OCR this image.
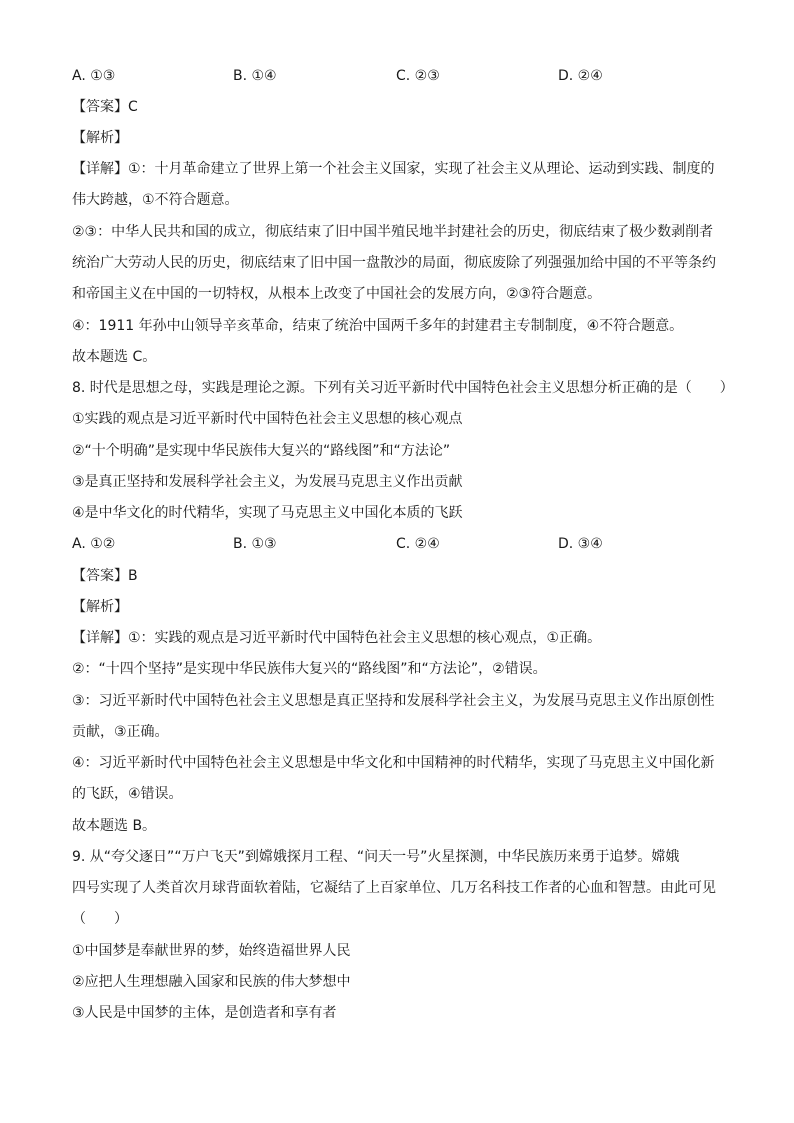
A. ①③	B. ①④	C. ②③	D. ②④
【答案】C
【解析】
【详解】①：十月革命建立了世界上第一个社会主义国家，实现了社会主义从理论、运动到实践、制度的
伟大跨越，①不符合题意。
②③：中华人民共和国的成立，彻底结束了旧中国半殖民地半封建社会的历史，彻底结束了极少数剥削者
统治广大劳动人民的历史，彻底结束了旧中国一盘散沙的局面，彻底废除了列强强加给中国的不平等条约
和帝国主义在中国的一切特权，从根本上改变了中国社会的发展方向，②③符合题意。
④：1911 年孙中山领导辛亥革命，结束了统治中国两千多年的封建君主专制制度，④不符合题意。
故本题选 C。
8. 时代是思想之母，实践是理论之源。下列有关习近平新时代中国特色社会主义思想分析正确的是（　　）
①实践的观点是习近平新时代中国特色社会主义思想的核心观点
②“十个明确”是实现中华民族伟大复兴的“路线图”和“方法论”
③是真正坚持和发展科学社会主义，为发展马克思主义作出贡献
④是中华文化的时代精华，实现了马克思主义中国化本质的飞跃
A. ①②	B. ①③	C. ②④	D. ③④
【答案】B
【解析】
【详解】①：实践的观点是习近平新时代中国特色社会主义思想的核心观点，①正确。
②：“十四个坚持”是实现中华民族伟大复兴的“路线图”和“方法论”，②错误。
③：习近平新时代中国特色社会主义思想是真正坚持和发展科学社会主义，为发展马克思主义作出原创性
贡献，③正确。
④：习近平新时代中国特色社会主义思想是中华文化和中国精神的时代精华，实现了马克思主义中国化新
的飞跃，④错误。
故本题选 B。
9. 从“夸父逐日”“万户飞天”到嫦娥探月工程、“问天一号”火星探测，中华民族历来勇于追梦。嫦娥
四号实现了人类首次月球背面软着陆，它凝结了上百家单位、几万名科技工作者的心血和智慧。由此可见
（　　）
①中国梦是奉献世界的梦，始终造福世界人民
②应把人生理想融入国家和民族的伟大梦想中
③人民是中国梦的主体，是创造者和享有者
